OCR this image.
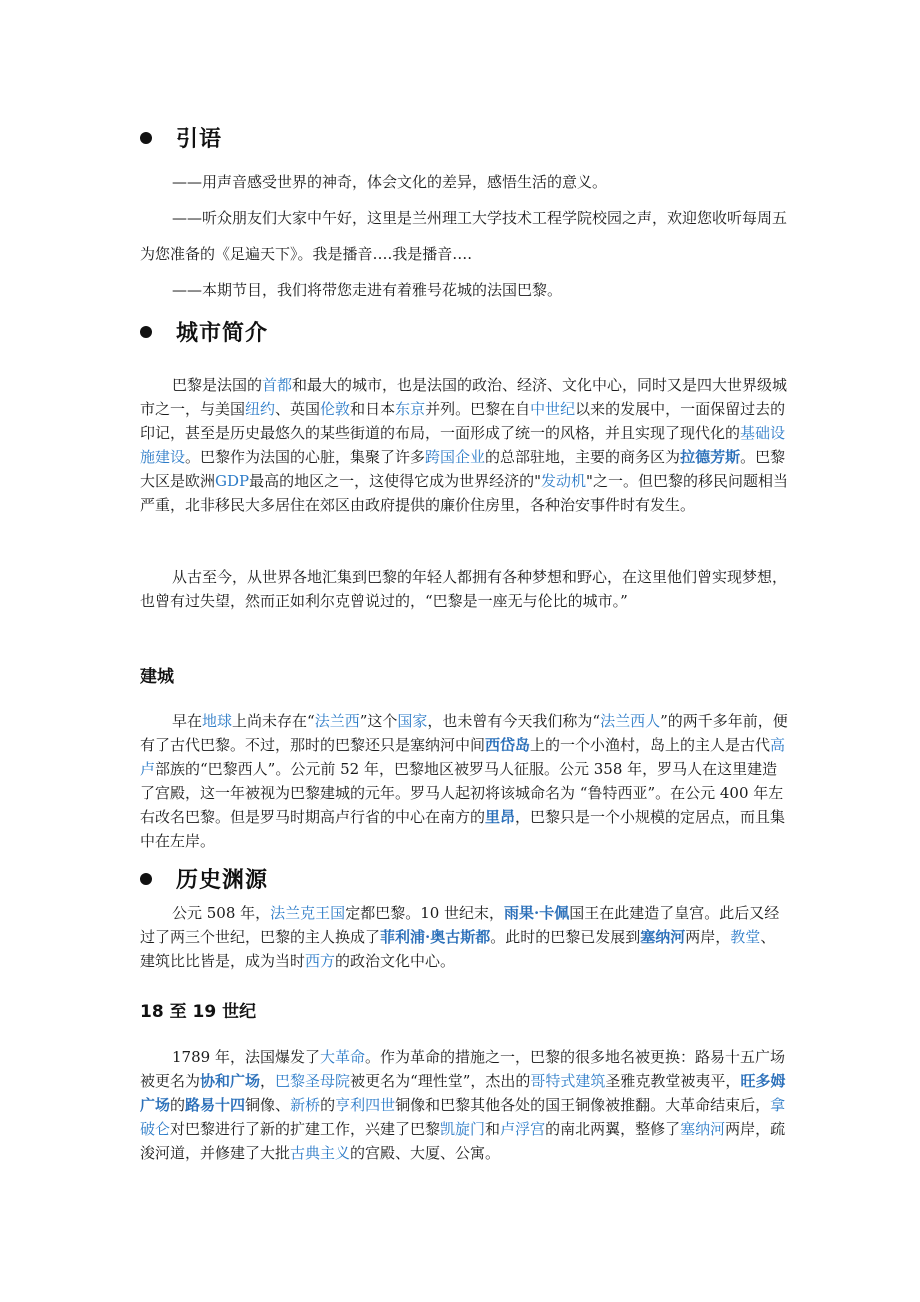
引语

——用声音感受世界的神奇，体会文化的差异，感悟生活的意义。

——听众朋友们大家中午好，这里是兰州理工大学技术工程学院校园之声，欢迎您收听每周五为您准备的《足遍天下》。我是播音….我是播音….

——本期节目，我们将带您走进有着雅号花城的法国巴黎。

城市简介

巴黎是法国的首都和最大的城市，也是法国的政治、经济、文化中心，同时又是四大世界级城市之一，与美国纽约、英国伦敦和日本东京并列。巴黎在自中世纪以来的发展中，一面保留过去的印记，甚至是历史最悠久的某些街道的布局，一面形成了统一的风格，并且实现了现代化的基础设施建设。巴黎作为法国的心脏，集聚了许多跨国企业的总部驻地，主要的商务区为拉德芳斯。巴黎大区是欧洲GDP最高的地区之一，这使得它成为世界经济的"发动机"之一。但巴黎的移民问题相当严重，北非移民大多居住在郊区由政府提供的廉价住房里，各种治安事件时有发生。

从古至今，从世界各地汇集到巴黎的年轻人都拥有各种梦想和野心，在这里他们曾实现梦想，也曾有过失望，然而正如利尔克曾说过的，“巴黎是一座无与伦比的城市。”

建城

早在地球上尚未存在“法兰西”这个国家，也未曾有今天我们称为“法兰西人”的两千多年前，便有了古代巴黎。不过，那时的巴黎还只是塞纳河中间西岱岛上的一个小渔村，岛上的主人是古代高卢部族的“巴黎西人”。公元前 52 年，巴黎地区被罗马人征服。公元 358 年，罗马人在这里建造了宫殿，这一年被视为巴黎建城的元年。罗马人起初将该城命名为 “鲁特西亚”。在公元 400 年左右改名巴黎。但是罗马时期高卢行省的中心在南方的里昂，巴黎只是一个小规模的定居点，而且集中在左岸。

历史渊源

公元 508 年，法兰克王国定都巴黎。10 世纪末，雨果·卡佩国王在此建造了皇宫。此后又经过了两三个世纪，巴黎的主人换成了菲利浦·奥古斯都。此时的巴黎已发展到塞纳河两岸，教堂、建筑比比皆是，成为当时西方的政治文化中心。

18 至 19 世纪

1789 年，法国爆发了大革命。作为革命的措施之一，巴黎的很多地名被更换：路易十五广场被更名为协和广场，巴黎圣母院被更名为“理性堂”，杰出的哥特式建筑圣雅克教堂被夷平，旺多姆广场的路易十四铜像、新桥的亨利四世铜像和巴黎其他各处的国王铜像被推翻。大革命结束后，拿破仑对巴黎进行了新的扩建工作，兴建了巴黎凯旋门和卢浮宫的南北两翼，整修了塞纳河两岸，疏浚河道，并修建了大批古典主义的宫殿、大厦、公寓。
